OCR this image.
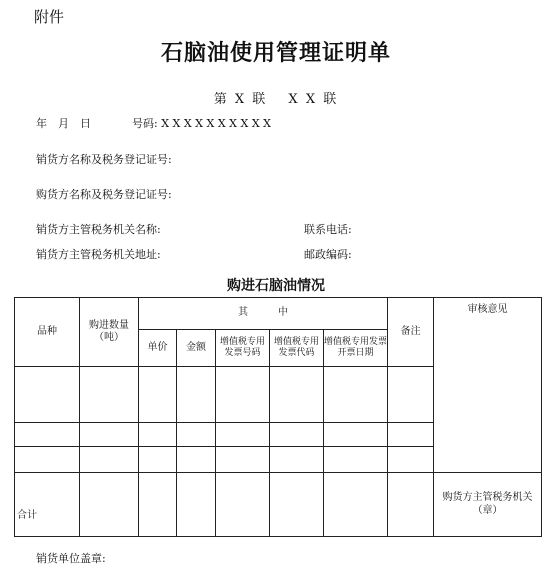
附件
石脑油使用管理证明单
第 X 联　 X X 联
年　月　日	号码: X X X X X X X X X X
销货方名称及税务登记证号:
购货方名称及税务登记证号:
销货方主管税务机关名称:	联系电话:
销货方主管税务机关地址:	邮政编码:
购进石脑油情况
品种	购进数量（吨）	其　　　中					备注	审核意见
		单价	金额	增值税专用发票号码	增值税专用发票代码	增值税专用发票开票日期		

合计								购货方主管税务机关（章）
销货单位盖章:
